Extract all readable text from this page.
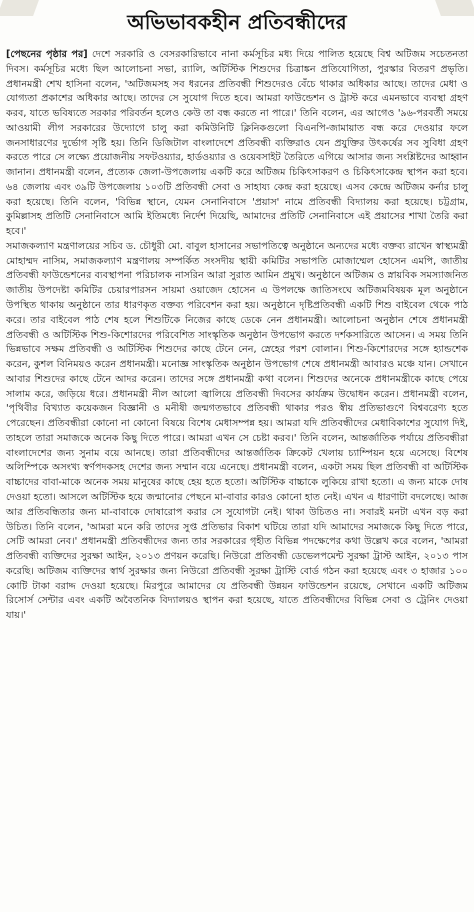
অভিভাবকহীন প্রতিবন্ধীদের

[পেছনের পৃষ্ঠার পর] দেশে সরকারি ও বেসরকারিভাবে নানা কর্মসূচির মধ্য দিয়ে পালিত হয়েছে বিশ্ব অটিজম সচেতনতা দিবস। কর্মসূচির মধ্যে ছিল আলোচনা সভা, র‍্যালি, অটিস্টিক শিশুদের চিত্রাঙ্কন প্রতিযোগিতা, পুরস্কার বিতরণ প্রভৃতি। প্রধানমন্ত্রী শেখ হাসিনা বলেন, 'অটিজমসহ সব ধরনের প্রতিবন্ধী শিশুদেরও বেঁচে থাকার অধিকার আছে। তাদের মেধা ও যোগ্যতা প্রকাশের অধিকার আছে। তাদের সে সুযোগ দিতে হবে। আমরা ফাউন্ডেশন ও ট্রাস্ট করে এমনভাবে ব্যবস্থা গ্রহণ করব, যাতে ভবিষ্যতে সরকার পরিবর্তন হলেও কেউ তা বন্ধ করতে না পারে।' তিনি বলেন, এর আগেও '৯৬-পরবর্তী সময়ে আওয়ামী লীগ সরকারের উদ্যোগে চালু করা কমিউনিটি ক্লিনিকগুলো বিএনপি-জামায়াত বন্ধ করে দেওয়ার ফলে জনসাধারণের দুর্ভোগ সৃষ্টি হয়। তিনি ডিজিটাল বাংলাদেশে প্রতিবন্ধী ব্যক্তিরাও যেন প্রযুক্তির উৎকর্ষের সব সুবিধা গ্রহণ করতে পারে সে লক্ষ্যে প্রয়োজনীয় সফটওয়্যার, হার্ডওয়্যার ও ওয়েবসাইট তৈরিতে এগিয়ে আসার জন্য সংশ্লিষ্টদের আহ্বান জানান। প্রধানমন্ত্রী বলেন, প্রত্যেক জেলা-উপজেলায় একটি করে অটিজম চিকিৎসাকরণ ও চিকিৎসাকেন্দ্র স্থাপন করা হবে। ৬৪ জেলায় এবং ৩৯টি উপজেলায় ১০৩টি প্রতিবন্ধী সেবা ও সাহায্য কেন্দ্র করা হয়েছে। এসব কেন্দ্রে অটিজম কর্নার চালু করা হয়েছে। তিনি বলেন, 'বিভিন্ন স্থানে, যেমন সেনানিবাসে 'প্রয়াস' নামে প্রতিবন্ধী বিদ্যালয় করা হয়েছে। চট্টগ্রাম, কুমিল্লাসহ প্রতিটি সেনানিবাসে আমি ইতিমধ্যে নির্দেশ দিয়েছি, আমাদের প্রতিটি সেনানিবাসে এই প্রয়াসের শাখা তৈরি করা হবে।'

সমাজকল্যাণ মন্ত্রণালয়ের সচিব ড. চৌধুরী মো. বাবুল হাসানের সভাপতিত্বে অনুষ্ঠানে অন্যদের মধ্যে বক্তব্য রাখেন স্বাস্থ্যমন্ত্রী মোহাম্মদ নাসিম, সমাজকল্যাণ মন্ত্রণালয় সম্পর্কিত সংসদীয় স্থায়ী কমিটির সভাপতি মোজাম্মেল হোসেন এমপি, জাতীয় প্রতিবন্ধী ফাউন্ডেশনের ব্যবস্থাপনা পরিচালক নাসরিন আরা সুরাত আমিন প্রমুখ। অনুষ্ঠানে অটিজম ও স্নায়বিক সমস্যাজনিত জাতীয় উপদেষ্টা কমিটির চেয়ারপারসন সায়মা ওয়াজেদ হোসেন এ উপলক্ষে জাতিসংঘে অটিজমবিষয়ক মূল অনুষ্ঠানে উপস্থিত থাকায় অনুষ্ঠানে তার ধারণকৃত বক্তব্য পরিবেশন করা হয়। অনুষ্ঠানে দৃষ্টিপ্রতিবন্ধী একটি শিশু বাইবেল থেকে পাঠ করে। তার বাইবেল পাঠ শেষ হলে শিশুটিকে নিজের কাছে ডেকে নেন প্রধানমন্ত্রী। আলোচনা অনুষ্ঠান শেষে প্রধানমন্ত্রী প্রতিবন্ধী ও অটিস্টিক শিশু-কিশোরদের পরিবেশিত সাংস্কৃতিক অনুষ্ঠান উপভোগ করতে দর্শকসারিতে আসেন। এ সময় তিনি ভিন্নভাবে সক্ষম প্রতিবন্ধী ও অটিস্টিক শিশুদের কাছে টেনে নেন, স্নেহের পরশ বোলান। শিশু-কিশোরদের সঙ্গে হ্যান্ডশেক করেন, কুশল বিনিময়ও করেন প্রধানমন্ত্রী। মনোজ্ঞ সাংস্কৃতিক অনুষ্ঠান উপভোগ শেষে প্রধানমন্ত্রী আবারও মঞ্চে যান। সেখানে আবার শিশুদের কাছে টেনে আদর করেন। তাদের সঙ্গে প্রধানমন্ত্রী কথা বলেন। শিশুদের অনেকে প্রধানমন্ত্রীকে কাছে পেয়ে সালাম করে, জড়িয়ে ধরে। প্রধানমন্ত্রী নীল আলো জ্বালিয়ে প্রতিবন্ধী দিবসের কার্যক্রম উদ্বোধন করেন। প্রধানমন্ত্রী বলেন, 'পৃথিবীর বিখ্যাত কয়েকজন বিজ্ঞানী ও মনীষী জন্মগতভাবে প্রতিবন্ধী থাকার পরও স্বীয় প্রতিভাগুণে বিশ্ববরেণ্য হতে পেরেছেন। প্রতিবন্ধীরা কোনো না কোনো বিষয়ে বিশেষ মেধাসম্পন্ন হয়। আমরা যদি প্রতিবন্ধীদের মেধাবিকাশের সুযোগ দিই, তাহলে তারা সমাজকে অনেক কিছু দিতে পারে। আমরা এখন সে চেষ্টা করব।' তিনি বলেন, আন্তর্জাতিক পর্যায়ে প্রতিবন্ধীরা বাংলাদেশের জন্য সুনাম বয়ে আনছে। তারা প্রতিবন্ধীদের আন্তর্জাতিক ক্রিকেট খেলায় চ্যাম্পিয়ন হয়ে এসেছে। বিশেষ অলিম্পিকে অসংখ্য স্বর্ণপদকসহ দেশের জন্য সম্মান বয়ে এনেছে। প্রধানমন্ত্রী বলেন, একটা সময় ছিল প্রতিবন্ধী বা অটিস্টিক বাচ্চাদের বাবা-মাকে অনেক সময় মানুষের কাছে হেয় হতে হতো। অটিস্টিক বাচ্চাকে লুকিয়ে রাখা হতো। এ জন্য মাকে দোষ দেওয়া হতো। আসলে অটিস্টিক হয়ে জন্মানোর পেছনে মা-বাবার কারও কোনো হাত নেই। এখন এ ধারণাটা বদলেছে। আজ আর প্রতিবন্ধিতার জন্য মা-বাবাকে দোষারোপ করার সে সুযোগটা নেই। থাকা উচিতও না। সবারই মনটা এখন বড় করা উচিত। তিনি বলেন, 'আমরা মনে করি তাদের সুপ্ত প্রতিভার বিকাশ ঘটিয়ে তারা যদি আমাদের সমাজকে কিছু দিতে পারে, সেটি আমরা নেব।' প্রধানমন্ত্রী প্রতিবন্ধীদের জন্য তার সরকারের গৃহীত বিভিন্ন পদক্ষেপের কথা উল্লেখ করে বলেন, 'আমরা প্রতিবন্ধী ব্যক্তিদের সুরক্ষা আইন, ২০১৩ প্রণয়ন করেছি। নিউরো প্রতিবন্ধী ডেভেলপমেন্ট সুরক্ষা ট্রাস্ট আইন, ২০১৩ পাস করেছি। অটিজম ব্যক্তিদের স্বার্থ সুরক্ষার জন্য নিউরো প্রতিবন্ধী সুরক্ষা ট্রাস্টি বোর্ড গঠন করা হয়েছে এবং ৩ হাজার ১০০ কোটি টাকা বরাদ্দ দেওয়া হয়েছে। মিরপুরে আমাদের যে প্রতিবন্ধী উন্নয়ন ফাউন্ডেশন রয়েছে, সেখানে একটি অটিজম রিসোর্স সেন্টার এবং একটি অবৈতনিক বিদ্যালয়ও স্থাপন করা হয়েছে, যাতে প্রতিবন্ধীদের বিভিন্ন সেবা ও ট্রেনিং দেওয়া যায়।'
